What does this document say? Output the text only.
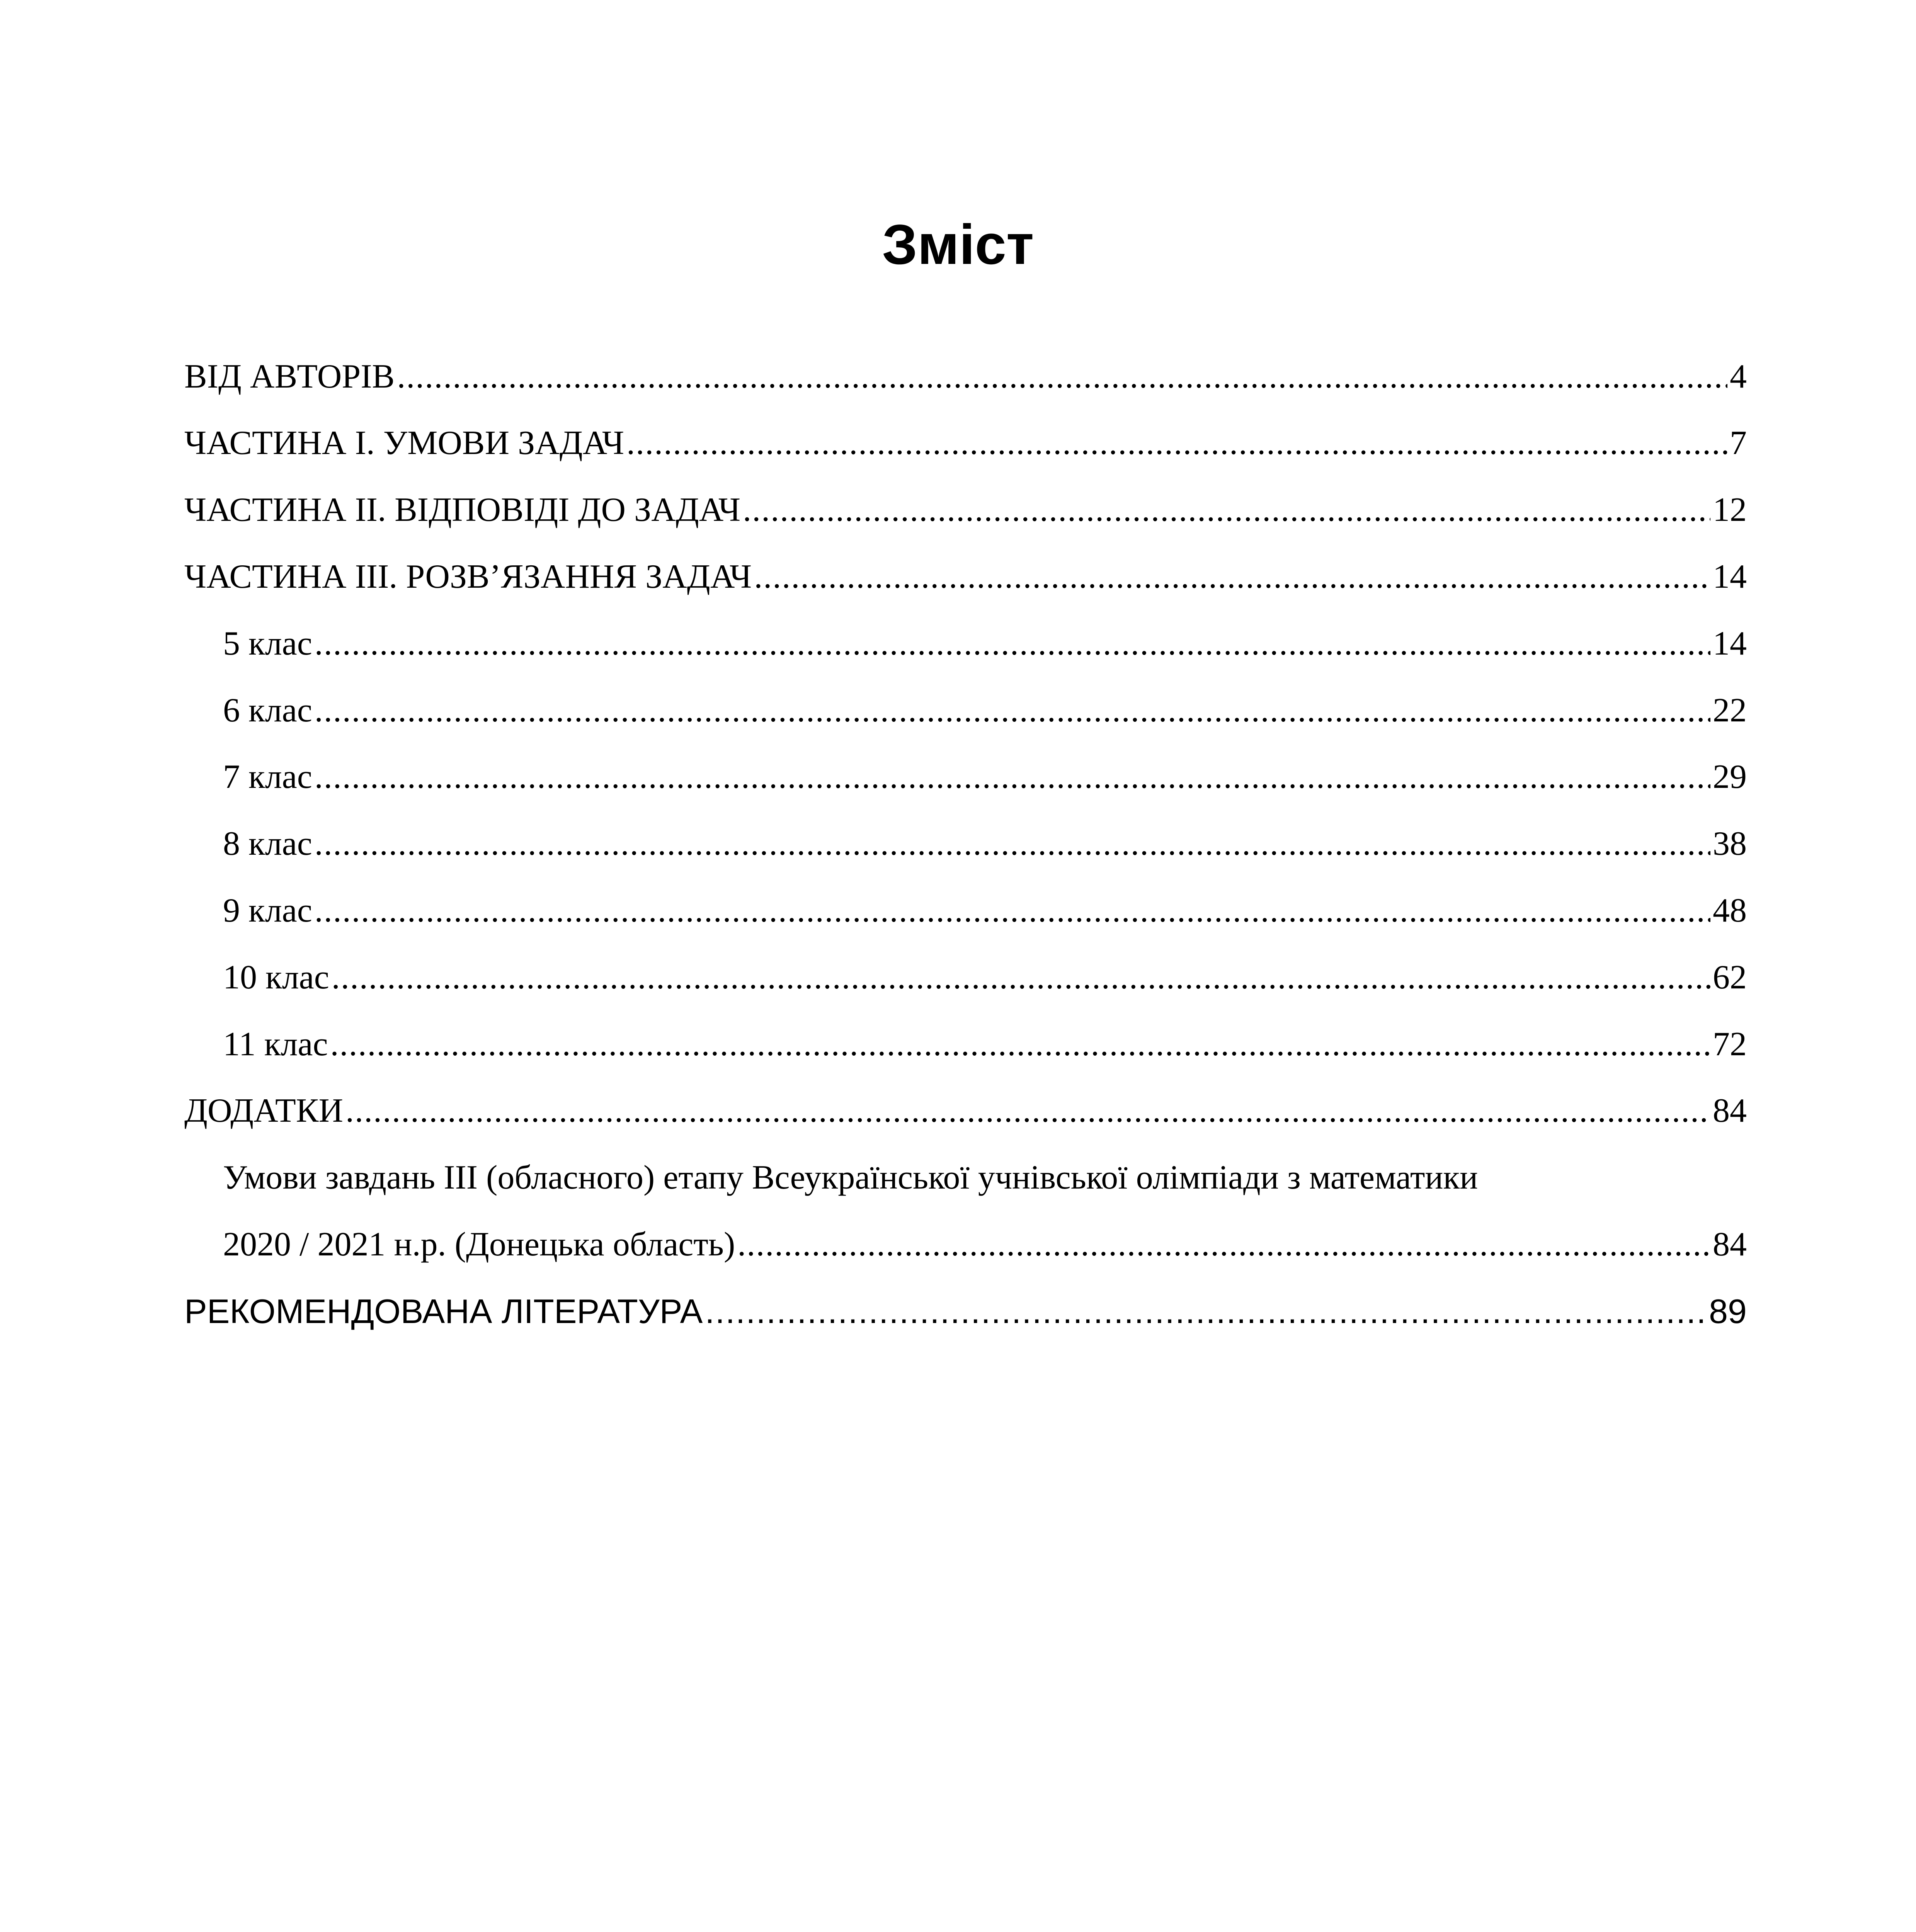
Зміст
ВІД АВТОРІВ .....	4
ЧАСТИНА I. УМОВИ ЗАДАЧ .....	7
ЧАСТИНА II. ВІДПОВІДІ ДО ЗАДАЧ .....	12
ЧАСТИНА III. РОЗВ’ЯЗАННЯ ЗАДАЧ .....	14
5 клас .....	14
6 клас .....	22
7 клас .....	29
8 клас .....	38
9 клас .....	48
10 клас .....	62
11 клас .....	72
ДОДАТКИ .....	84
Умови завдань III (обласного) етапу Всеукраїнської учнівської олімпіади з математики
2020 / 2021 н.р. (Донецька область) .....	84
РЕКОМЕНДОВАНА ЛІТЕРАТУРА .....	89
